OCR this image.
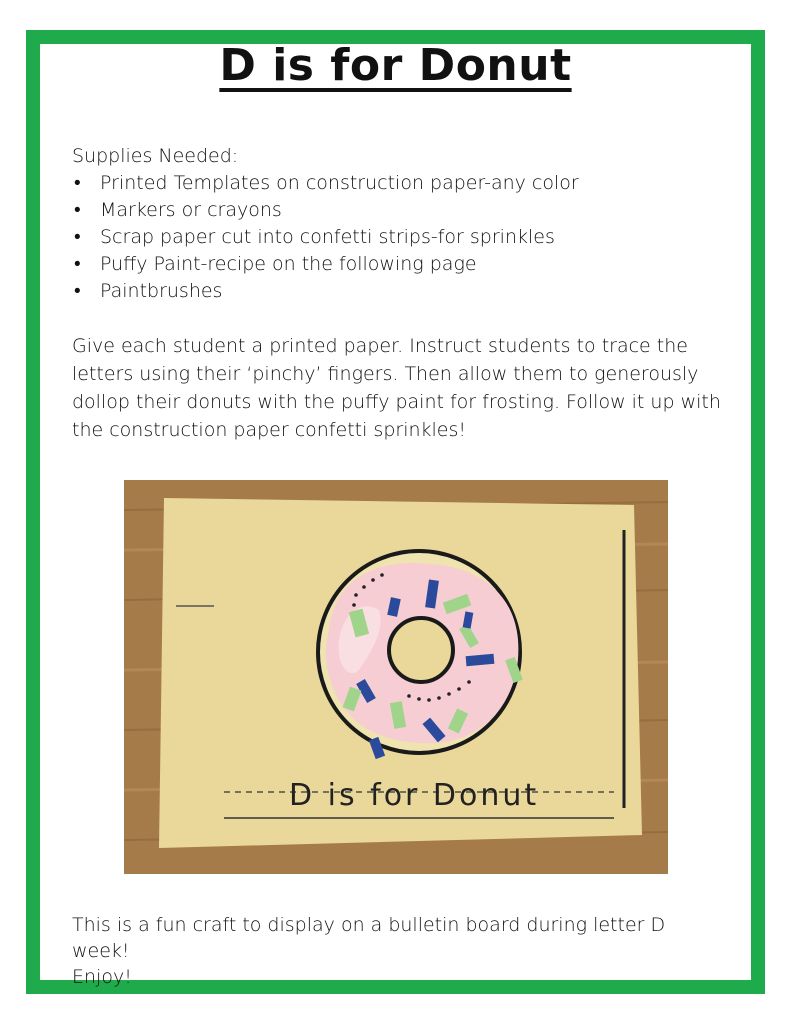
D is for Donut
Supplies Needed:
• Printed Templates on construction paper-any color
• Markers or crayons
• Scrap paper cut into confetti strips-for sprinkles
• Puffy Paint-recipe on the following page
• Paintbrushes
Give each student a printed paper. Instruct students to trace the letters using their ‘pinchy’ fingers. Then allow them to generously dollop their donuts with the puffy paint for frosting. Follow it up with the construction paper confetti sprinkles!
D is for Donut

This is a fun craft to display on a bulletin board during letter D week!

Enjoy!
